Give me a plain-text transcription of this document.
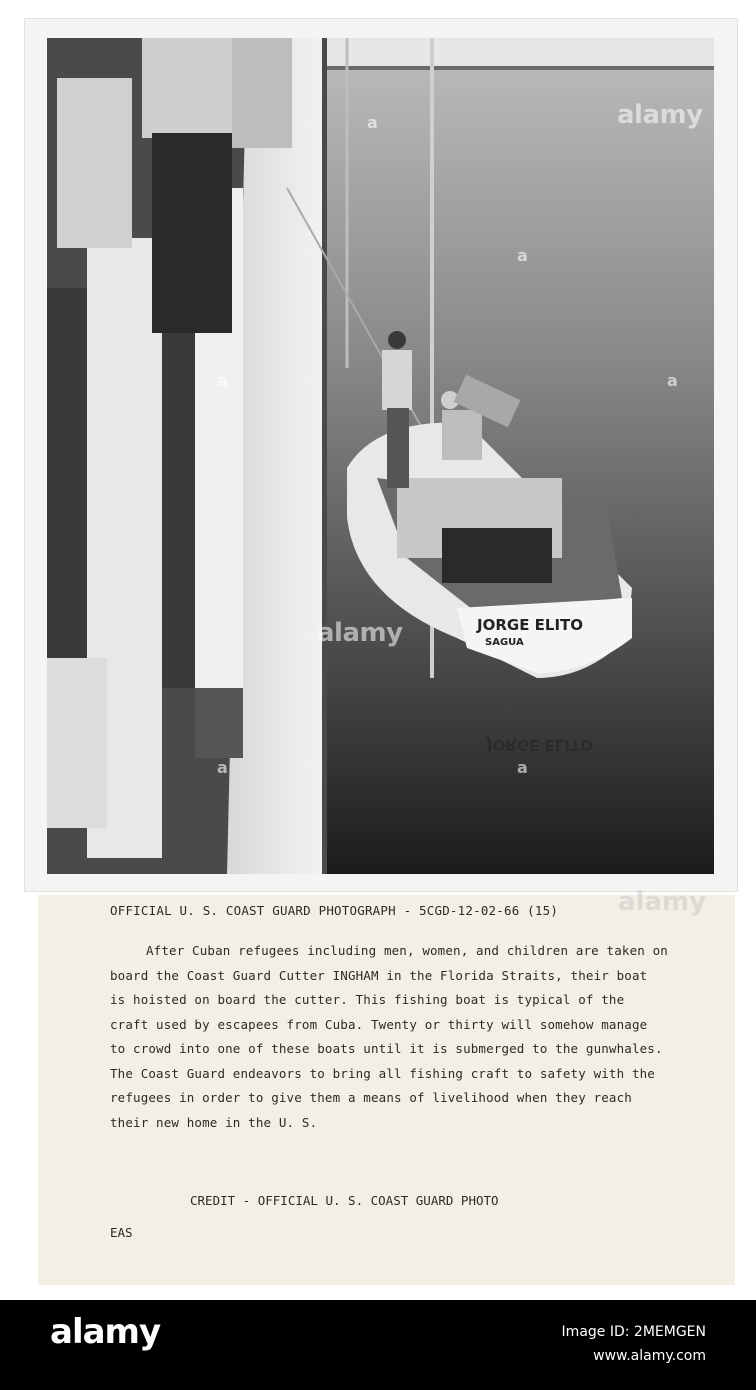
JORGE ELITO
SAGUA
JORGE ELITO
alamy
alamy
a
a
a
a
a
a
OFFICIAL U. S. COAST GUARD PHOTOGRAPH - 5CGD-12-02-66 (15) alamy
After Cuban refugees including men, women, and children are taken on board the Coast Guard Cutter INGHAM in the Florida Straits, their boat is hoisted on board the cutter. This fishing boat is typical of the craft used by escapees from Cuba. Twenty or thirty will somehow manage to crowd into one of these boats until it is submerged to the gunwhales. The Coast Guard endeavors to bring all fishing craft to safety with the refugees in order to give them a means of livelihood when they reach their new home in the U. S.
CREDIT - OFFICIAL U. S. COAST GUARD PHOTO
EAS
alamy	Image ID: 2MEMGEN
www.alamy.com
